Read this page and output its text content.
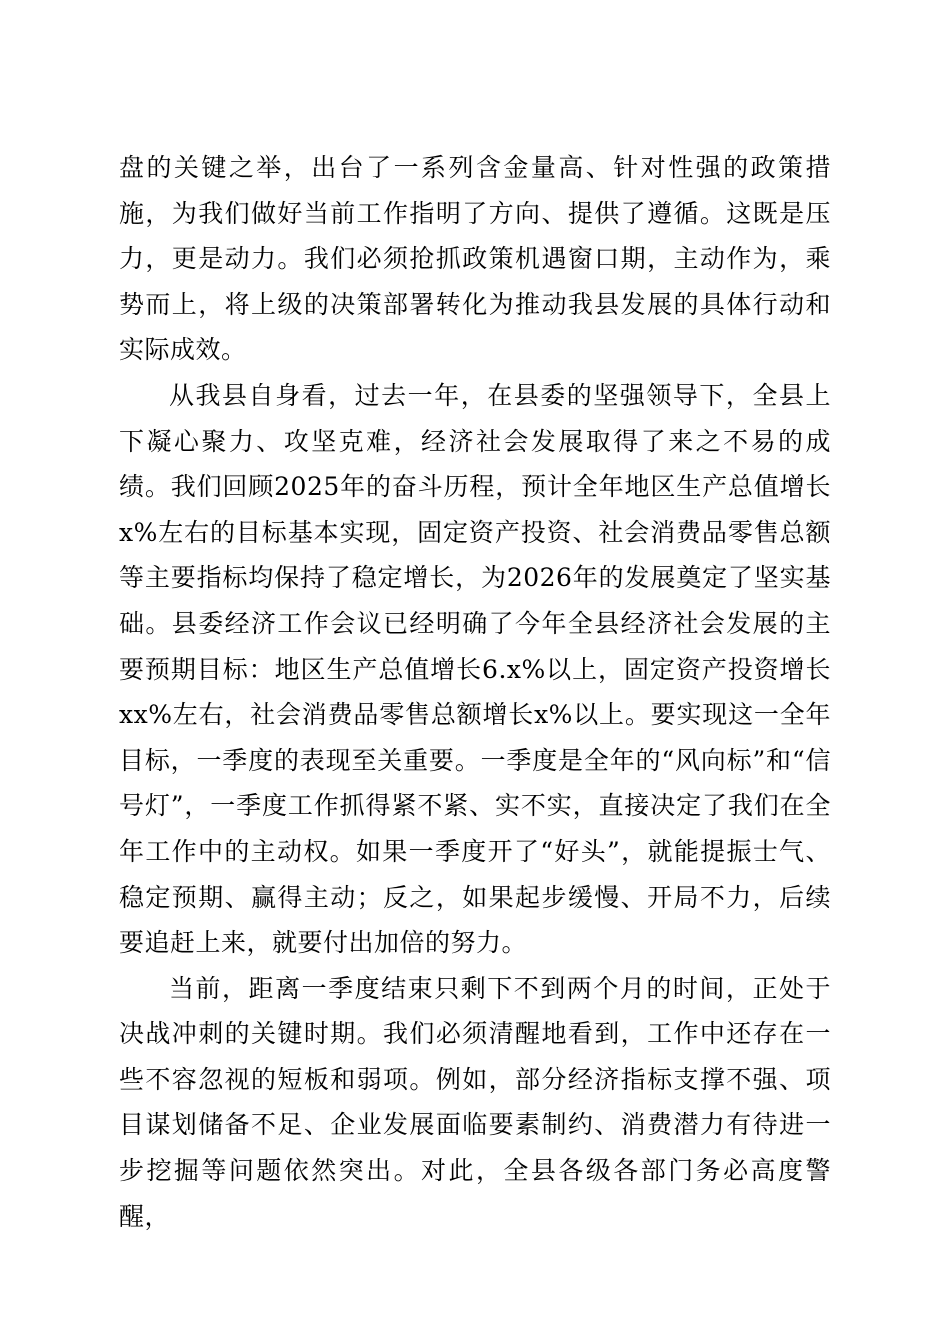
盘的关键之举，出台了一系列含金量高、针对性强的政策措施，为我们做好当前工作指明了方向、提供了遵循。这既是压力，更是动力。我们必须抢抓政策机遇窗口期，主动作为，乘势而上，将上级的决策部署转化为推动我县发展的具体行动和实际成效。

从我县自身看，过去一年，在县委的坚强领导下，全县上下凝心聚力、攻坚克难，经济社会发展取得了来之不易的成绩。我们回顾2025年的奋斗历程，预计全年地区生产总值增长 x%左右的目标基本实现，固定资产投资、社会消费品零售总额等主要指标均保持了稳定增长，为2026年的发展奠定了坚实基础。县委经济工作会议已经明确了今年全县经济社会发展的主要预期目标：地区生产总值增长6.x%以上，固定资产投资增长xx%左右，社会消费品零售总额增长x%以上。要实现这一全年目标，一季度的表现至关重要。一季度是全年的“风向标”和“信号灯”，一季度工作抓得紧不紧、实不实，直接决定了我们在全年工作中的主动权。如果一季度开了“好头”，就能提振士气、稳定预期、赢得主动；反之，如果起步缓慢、开局不力，后续要追赶上来，就要付出加倍的努力。

当前，距离一季度结束只剩下不到两个月的时间，正处于决战冲刺的关键时期。我们必须清醒地看到，工作中还存在一些不容忽视的短板和弱项。例如，部分经济指标支撑不强、项目谋划储备不足、企业发展面临要素制约、消费潜力有待进一步挖掘等问题依然突出。对此，全县各级各部门务必高度警醒，
